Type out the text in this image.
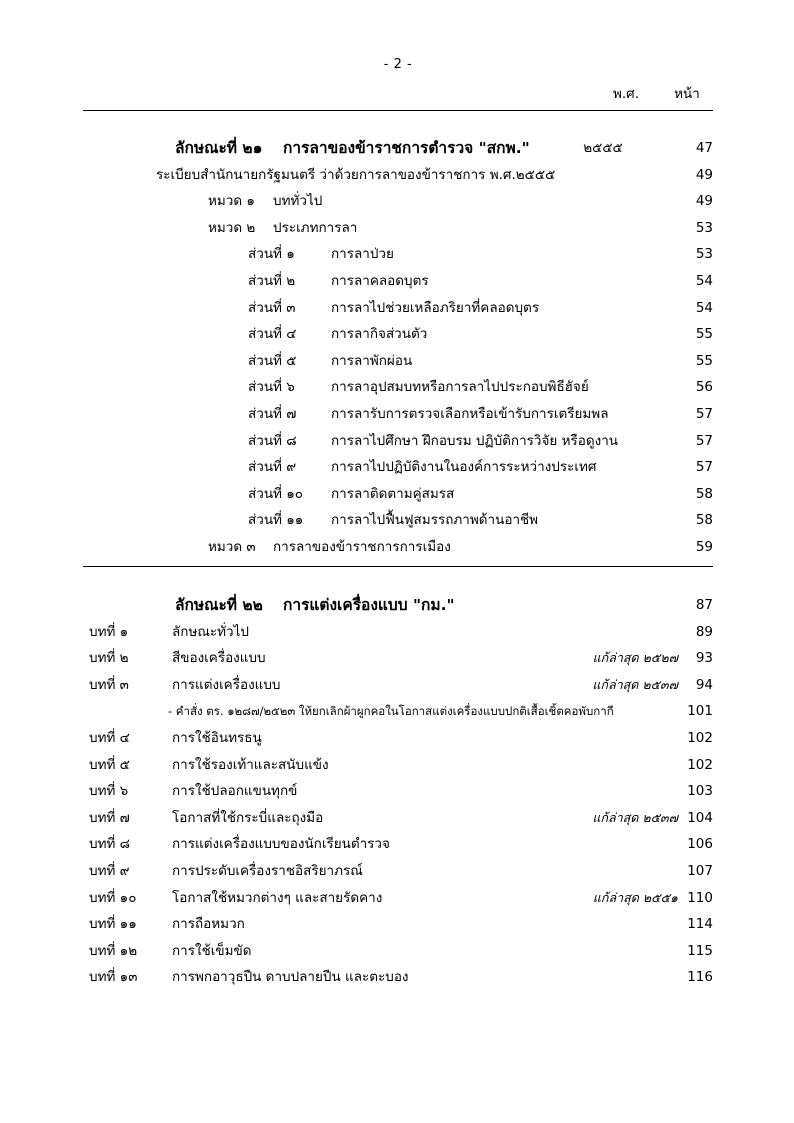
- 2 -
พ.ศ.	หน้า
ลักษณะที่ ๒๑ การลาของข้าราชการตำรวจ "สกพ."	๒๕๕๕	47
ระเบียบสำนักนายกรัฐมนตรี ว่าด้วยการลาของข้าราชการ พ.ศ.๒๕๕๕	49
หมวด ๑ บททั่วไป	49
หมวด ๒ ประเภทการลา	53
ส่วนที่ ๑	การลาป่วย	53
ส่วนที่ ๒	การลาคลอดบุตร	54
ส่วนที่ ๓	การลาไปช่วยเหลือภริยาที่คลอดบุตร	54
ส่วนที่ ๔	การลากิจส่วนตัว	55
ส่วนที่ ๕	การลาพักผ่อน	55
ส่วนที่ ๖	การลาอุปสมบทหรือการลาไปประกอบพิธีฮัจย์	56
ส่วนที่ ๗	การลารับการตรวจเลือกหรือเข้ารับการเตรียมพล	57
ส่วนที่ ๘	การลาไปศึกษา ฝึกอบรม ปฏิบัติการวิจัย หรือดูงาน	57
ส่วนที่ ๙	การลาไปปฏิบัติงานในองค์การระหว่างประเทศ	57
ส่วนที่ ๑๐ การลาติดตามคู่สมรส	58
ส่วนที่ ๑๑ การลาไปฟื้นฟูสมรรถภาพด้านอาชีพ	58
หมวด ๓ การลาของข้าราชการการเมือง	59
ลักษณะที่ ๒๒ การแต่งเครื่องแบบ "กม."	87
บทที่ ๑	ลักษณะทั่วไป	89
บทที่ ๒	สีของเครื่องแบบ	แก้ล่าสุด ๒๕๒๗	93
บทที่ ๓	การแต่งเครื่องแบบ	แก้ล่าสุด ๒๕๓๗	94
- คำสั่ง ตร. ๑๒๘๗/๒๕๒๓ ให้ยกเลิกผ้าผูกคอในโอกาสแต่งเครื่องแบบปกติเสื้อเชิ้ตคอพับกากี	101
บทที่ ๔	การใช้อินทรธนู	102
บทที่ ๕	การใช้รองเท้าและสนับแข้ง	102
บทที่ ๖	การใช้ปลอกแขนทุกข์	103
บทที่ ๗	โอกาสที่ใช้กระบี่และถุงมือ	แก้ล่าสุด ๒๕๓๗ 104
บทที่ ๘	การแต่งเครื่องแบบของนักเรียนตำรวจ	106
บทที่ ๙	การประดับเครื่องราชอิสริยาภรณ์	107
บทที่ ๑๐	โอกาสใช้หมวกต่างๆ และสายรัดคาง	แก้ล่าสุด ๒๕๕๑ 110
บทที่ ๑๑	การถือหมวก	114
บทที่ ๑๒	การใช้เข็มขัด	115
บทที่ ๑๓	การพกอาวุธปืน ดาบปลายปืน และตะบอง	116
